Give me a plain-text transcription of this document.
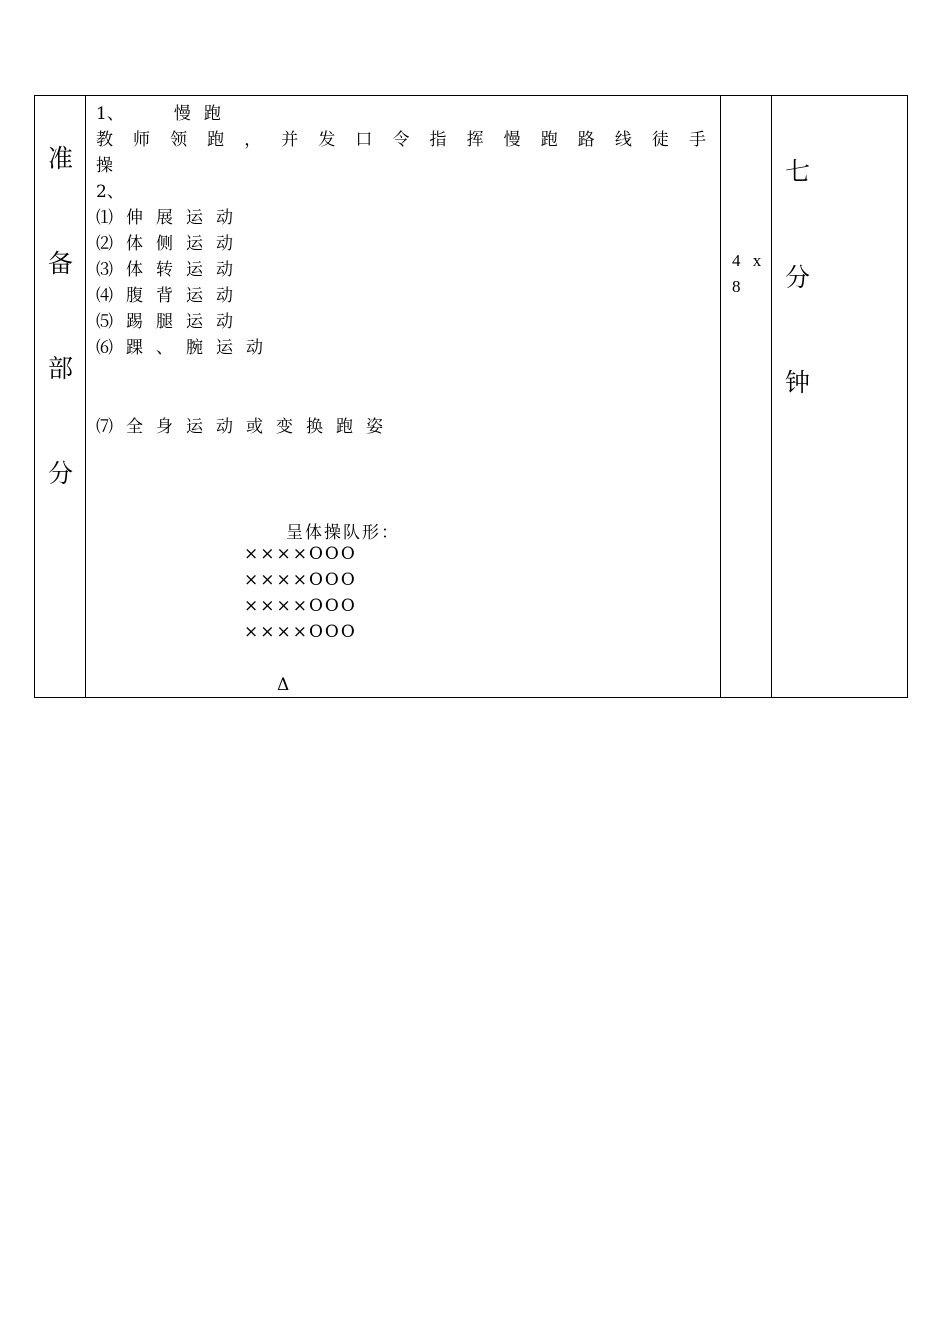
准
备
部
分
1、	慢跑
教师领跑，并发口令指挥慢跑路线徒手
操
2、
⑴伸展运动
⑵体侧运动
⑶体转运动
⑷腹背运动
⑸踢腿运动
⑹踝、腕运动
⑺全身运动或变换跑姿
呈体操队形：
××××OOO
××××OOO
××××OOO
××××OOO
Δ
4 x
8
七
分
钟
